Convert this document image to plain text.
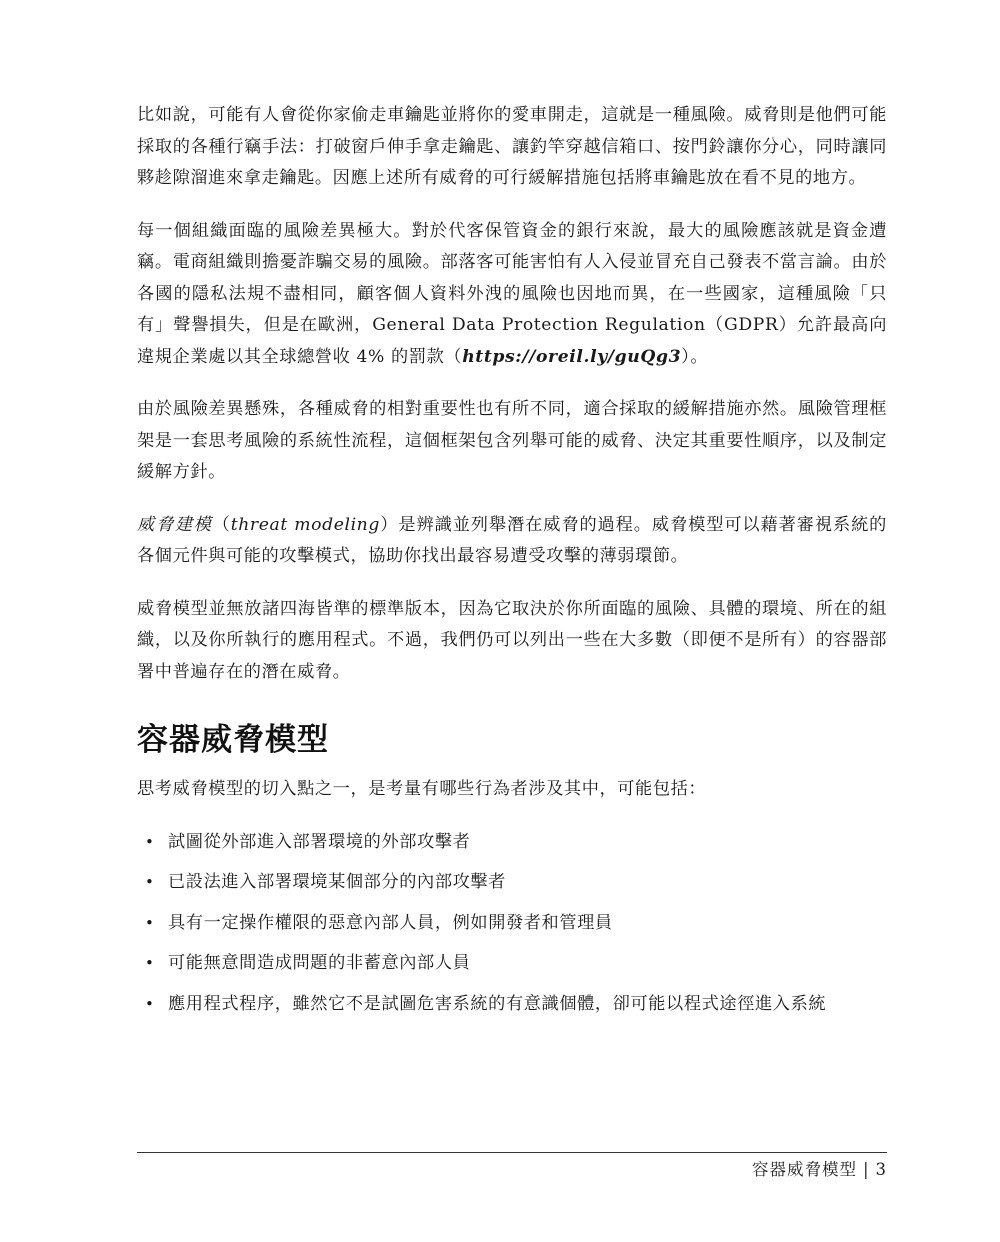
比如說，可能有人會從你家偷走車鑰匙並將你的愛車開走，這就是一種風險。威脅則是他們可能採取的各種行竊手法：打破窗戶伸手拿走鑰匙、讓釣竿穿越信箱口、按門鈴讓你分心，同時讓同夥趁隙溜進來拿走鑰匙。因應上述所有威脅的可行緩解措施包括將車鑰匙放在看不見的地方。

每一個組織面臨的風險差異極大。對於代客保管資金的銀行來說，最大的風險應該就是資金遭竊。電商組織則擔憂詐騙交易的風險。部落客可能害怕有人入侵並冒充自己發表不當言論。由於各國的隱私法規不盡相同，顧客個人資料外洩的風險也因地而異，在一些國家，這種風險「只有」聲譽損失，但是在歐洲，General Data Protection Regulation（GDPR）允許最高向違規企業處以其全球總營收 4% 的罰款（https://oreil.ly/guQg3）。

由於風險差異懸殊，各種威脅的相對重要性也有所不同，適合採取的緩解措施亦然。風險管理框架是一套思考風險的系統性流程，這個框架包含列舉可能的威脅、決定其重要性順序，以及制定緩解方針。

威脅建模（threat modeling）是辨識並列舉潛在威脅的過程。威脅模型可以藉著審視系統的各個元件與可能的攻擊模式，協助你找出最容易遭受攻擊的薄弱環節。

威脅模型並無放諸四海皆準的標準版本，因為它取決於你所面臨的風險、具體的環境、所在的組織，以及你所執行的應用程式。不過，我們仍可以列出一些在大多數（即便不是所有）的容器部署中普遍存在的潛在威脅。

容器威脅模型

思考威脅模型的切入點之一，是考量有哪些行為者涉及其中，可能包括：

• 試圖從外部進入部署環境的外部攻擊者
• 已設法進入部署環境某個部分的內部攻擊者
• 具有一定操作權限的惡意內部人員，例如開發者和管理員
• 可能無意間造成問題的非蓄意內部人員
• 應用程式程序，雖然它不是試圖危害系統的有意識個體，卻可能以程式途徑進入系統
容器威脅模型 | 3
